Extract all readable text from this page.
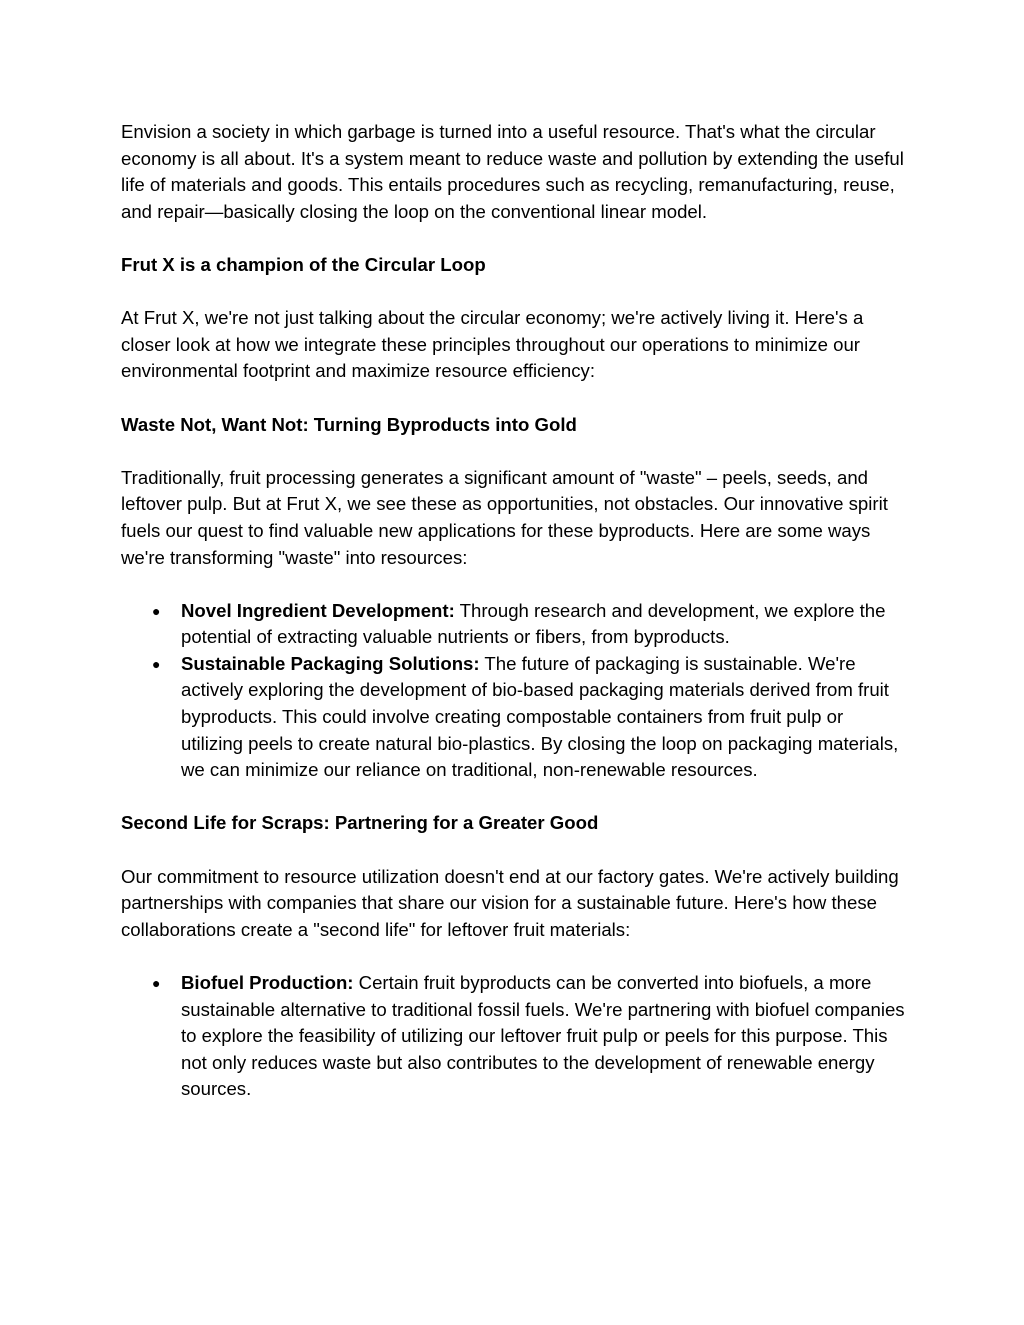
Envision a society in which garbage is turned into a useful resource. That's what the circular economy is all about. It's a system meant to reduce waste and pollution by extending the useful life of materials and goods. This entails procedures such as recycling, remanufacturing, reuse, and repair—basically closing the loop on the conventional linear model.

Frut X is a champion of the Circular Loop

At Frut X, we're not just talking about the circular economy; we're actively living it. Here's a closer look at how we integrate these principles throughout our operations to minimize our environmental footprint and maximize resource efficiency:

Waste Not, Want Not: Turning Byproducts into Gold

Traditionally, fruit processing generates a significant amount of "waste" – peels, seeds, and leftover pulp. But at Frut X, we see these as opportunities, not obstacles. Our innovative spirit fuels our quest to find valuable new applications for these byproducts. Here are some ways we're transforming "waste" into resources:

● Novel Ingredient Development: Through research and development, we explore the potential of extracting valuable nutrients or fibers, from byproducts.
● Sustainable Packaging Solutions: The future of packaging is sustainable. We're actively exploring the development of bio-based packaging materials derived from fruit byproducts. This could involve creating compostable containers from fruit pulp or utilizing peels to create natural bio-plastics. By closing the loop on packaging materials, we can minimize our reliance on traditional, non-renewable resources.

Second Life for Scraps: Partnering for a Greater Good

Our commitment to resource utilization doesn't end at our factory gates. We're actively building partnerships with companies that share our vision for a sustainable future. Here's how these collaborations create a "second life" for leftover fruit materials:

● Biofuel Production: Certain fruit byproducts can be converted into biofuels, a more sustainable alternative to traditional fossil fuels. We're partnering with biofuel companies to explore the feasibility of utilizing our leftover fruit pulp or peels for this purpose. This not only reduces waste but also contributes to the development of renewable energy sources.
